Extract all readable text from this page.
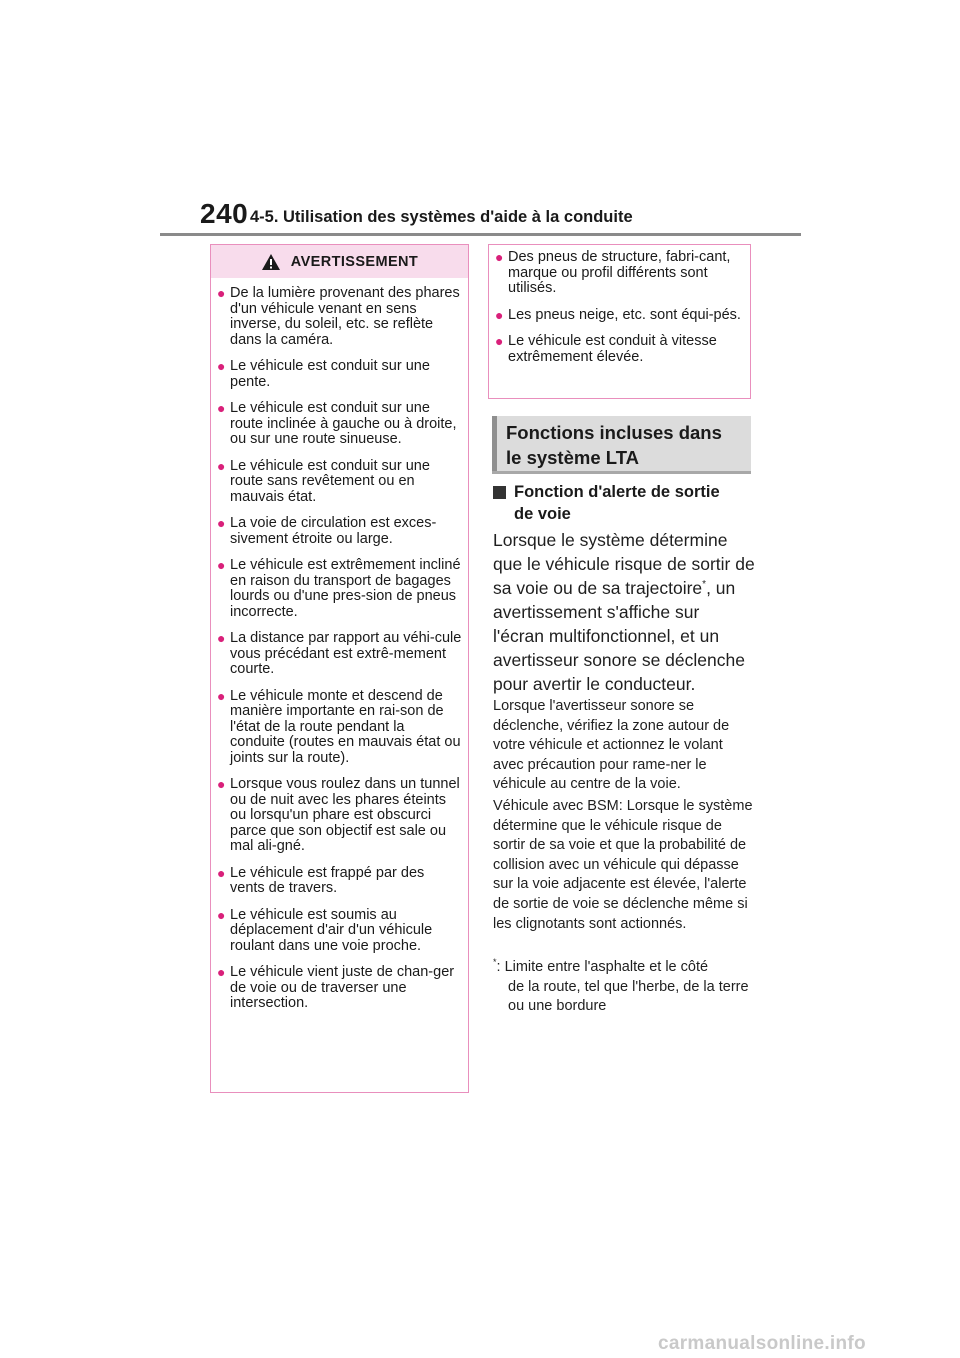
240 4-5. Utilisation des systèmes d'aide à la conduite
AVERTISSEMENT
● De la lumière provenant des phares d'un véhicule venant en sens inverse, du soleil, etc. se reflète dans la caméra.
● Le véhicule est conduit sur une pente.
● Le véhicule est conduit sur une route inclinée à gauche ou à droite, ou sur une route sinueuse.
● Le véhicule est conduit sur une route sans revêtement ou en mauvais état.
● La voie de circulation est exces-sivement étroite ou large.
● Le véhicule est extrêmement incliné en raison du transport de bagages lourds ou d'une pres-sion de pneus incorrecte.
● La distance par rapport au véhi-cule vous précédant est extrê-mement courte.
● Le véhicule monte et descend de manière importante en rai-son de l'état de la route pendant la conduite (routes en mauvais état ou joints sur la route).
● Lorsque vous roulez dans un tunnel ou de nuit avec les phares éteints ou lorsqu'un phare est obscurci parce que son objectif est sale ou mal ali-gné.
● Le véhicule est frappé par des vents de travers.
● Le véhicule est soumis au déplacement d'air d'un véhicule roulant dans une voie proche.
● Le véhicule vient juste de chan-ger de voie ou de traverser une intersection.
● Des pneus de structure, fabri-cant, marque ou profil différents sont utilisés.
● Les pneus neige, etc. sont équi-pés.
● Le véhicule est conduit à vitesse extrêmement élevée.
Fonctions incluses dans
le système LTA
Fonction d'alerte de sortie
de voie
Lorsque le système détermine que le véhicule risque de sortir de sa voie ou de sa trajectoire*, un avertissement s'affiche sur l'écran multifonctionnel, et un avertisseur sonore se déclenche pour avertir le conducteur.
Lorsque l'avertisseur sonore se déclenche, vérifiez la zone autour de votre véhicule et actionnez le volant avec précaution pour rame-ner le véhicule au centre de la voie.
Véhicule avec BSM: Lorsque le système détermine que le véhicule risque de sortir de sa voie et que la probabilité de collision avec un véhicule qui dépasse sur la voie adjacente est élevée, l'alerte de sortie de voie se déclenche même si les clignotants sont actionnés.
*: Limite entre l'asphalte et le côté
de la route, tel que l'herbe, de la terre ou une bordure
carmanualsonline.info
